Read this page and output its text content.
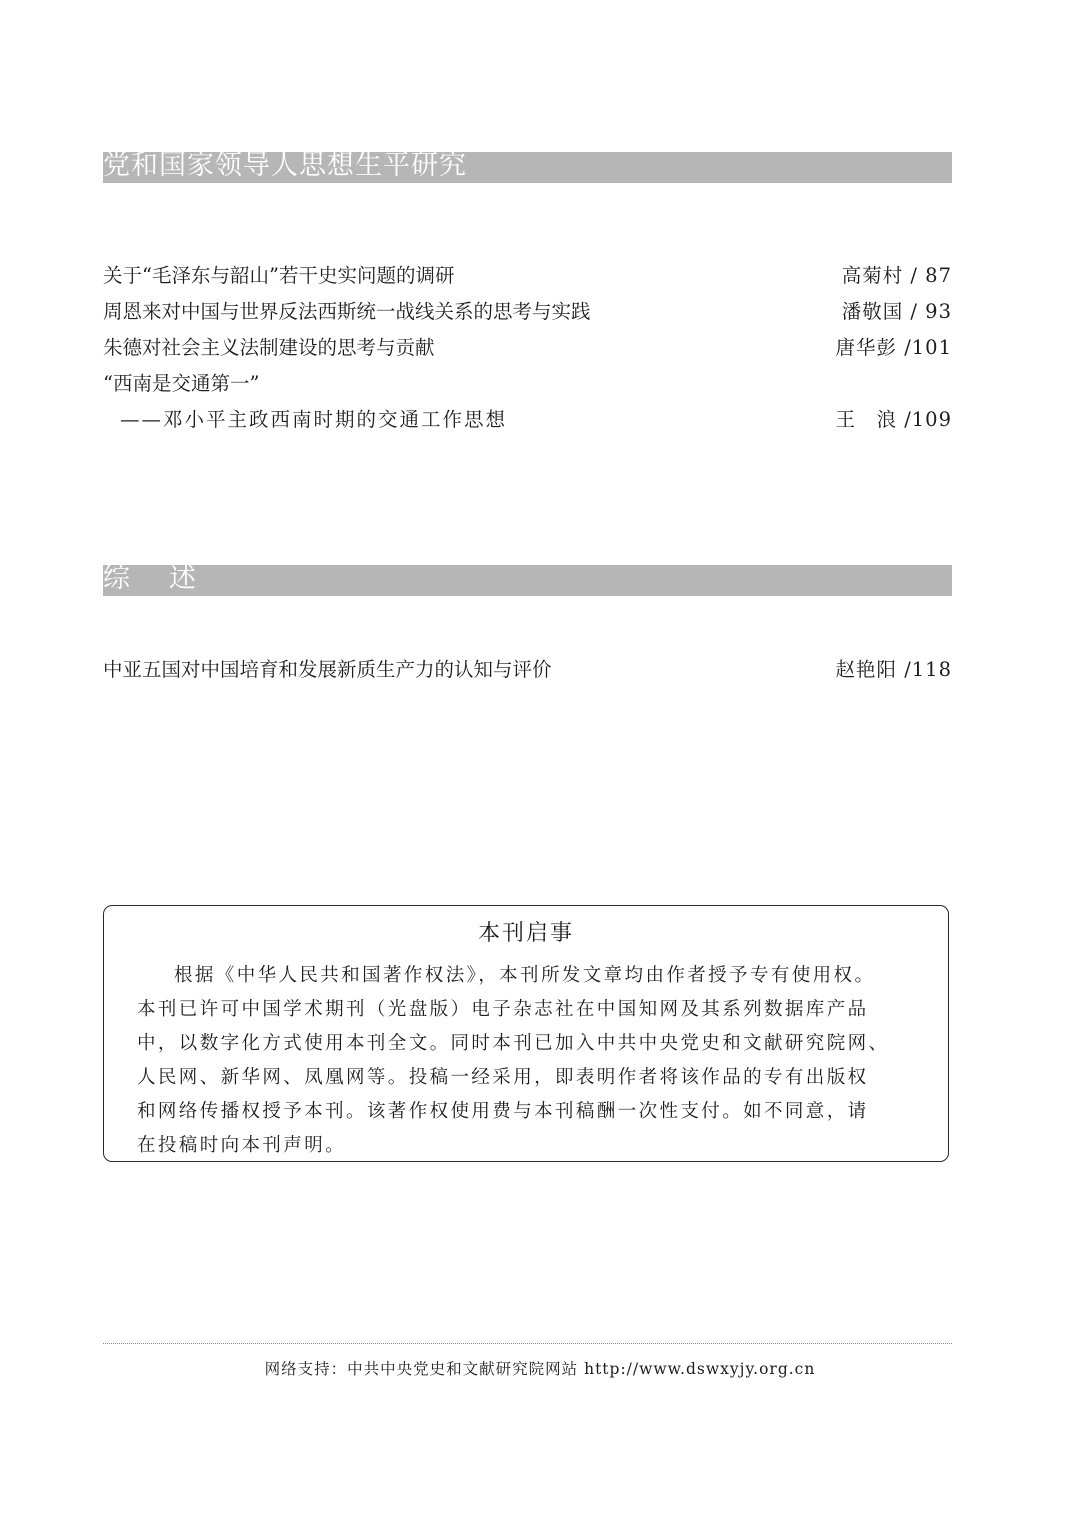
党和国家领导人思想生平研究
关于“毛泽东与韶山”若干史实问题的调研	高菊村 / 87
周恩来对中国与世界反法西斯统一战线关系的思考与实践	潘敬国 / 93
朱德对社会主义法制建设的思考与贡献	唐华彭 /101
“西南是交通第一”
——邓小平主政西南时期的交通工作思想	王　浪 /109
综　述
中亚五国对中国培育和发展新质生产力的认知与评价	赵艳阳 /118
本刊启事
根据《中华人民共和国著作权法》，本刊所发文章均由作者授予专有使用权。
本刊已许可中国学术期刊（光盘版）电子杂志社在中国知网及其系列数据库产品
中，以数字化方式使用本刊全文。同时本刊已加入中共中央党史和文献研究院网、
人民网、新华网、凤凰网等。投稿一经采用，即表明作者将该作品的专有出版权
和网络传播权授予本刊。该著作权使用费与本刊稿酬一次性支付。如不同意，请
在投稿时向本刊声明。
网络支持：中共中央党史和文献研究院网站 http://www.dswxyjy.org.cn
